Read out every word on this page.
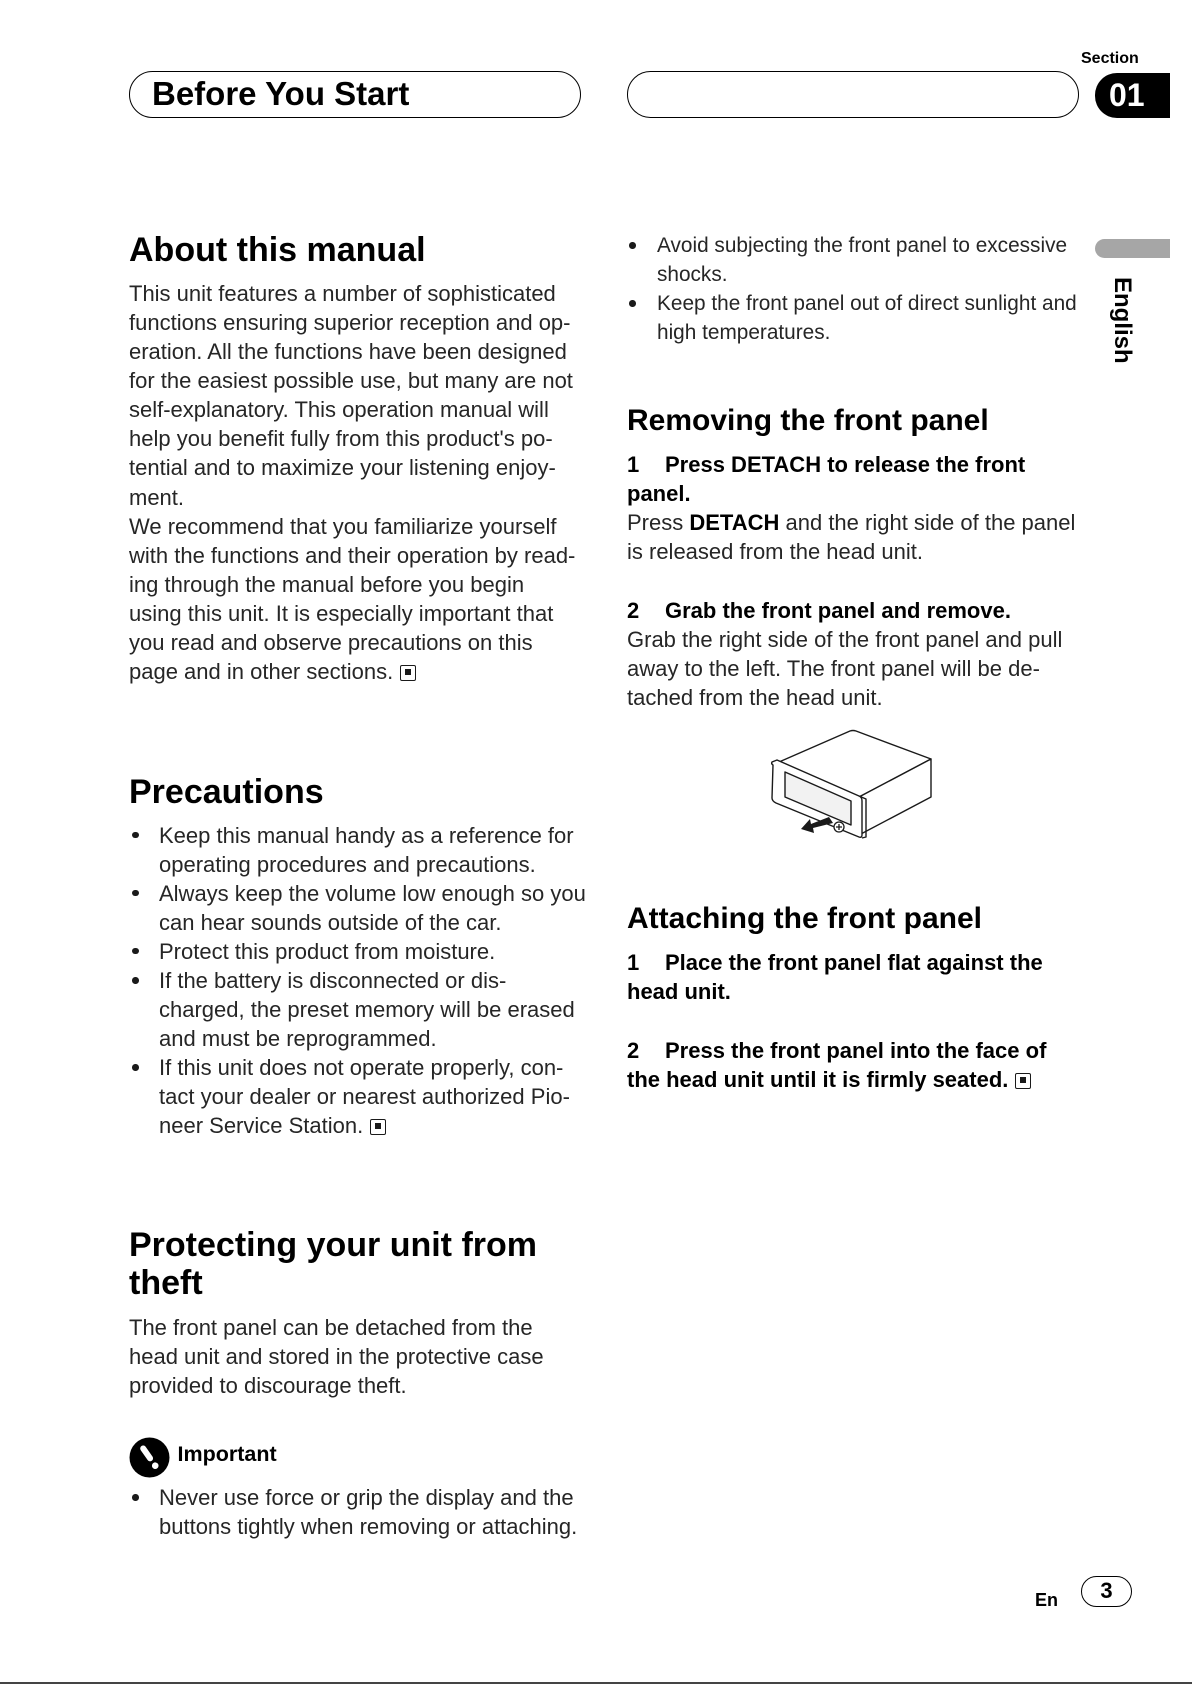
Before You Start
Section
01
English
About this manual
This unit features a number of sophisticated
functions ensuring superior reception and op-
eration. All the functions have been designed
for the easiest possible use, but many are not
self-explanatory. This operation manual will
help you benefit fully from this product's po-
tential and to maximize your listening enjoy-
ment.
We recommend that you familiarize yourself
with the functions and their operation by read-
ing through the manual before you begin
using this unit. It is especially important that
you read and observe precautions on this
page and in other sections.
Precautions
Keep this manual handy as a reference for
operating procedures and precautions.
Always keep the volume low enough so you
can hear sounds outside of the car.
Protect this product from moisture.
If the battery is disconnected or dis-
charged, the preset memory will be erased
and must be reprogrammed.
If this unit does not operate properly, con-
tact your dealer or nearest authorized Pio-
neer Service Station.
Protecting your unit from
theft
The front panel can be detached from the
head unit and stored in the protective case
provided to discourage theft.
Important
Never use force or grip the display and the
buttons tightly when removing or attaching.
Avoid subjecting the front panel to excessive
shocks.
Keep the front panel out of direct sunlight and
high temperatures.
Removing the front panel
1 Press DETACH to release the front
panel.
Press DETACH and the right side of the panel
is released from the head unit.
2 Grab the front panel and remove.
Grab the right side of the front panel and pull
away to the left. The front panel will be de-
tached from the head unit.
Attaching the front panel
1 Place the front panel flat against the
head unit.
2 Press the front panel into the face of
the head unit until it is firmly seated.
En	3
